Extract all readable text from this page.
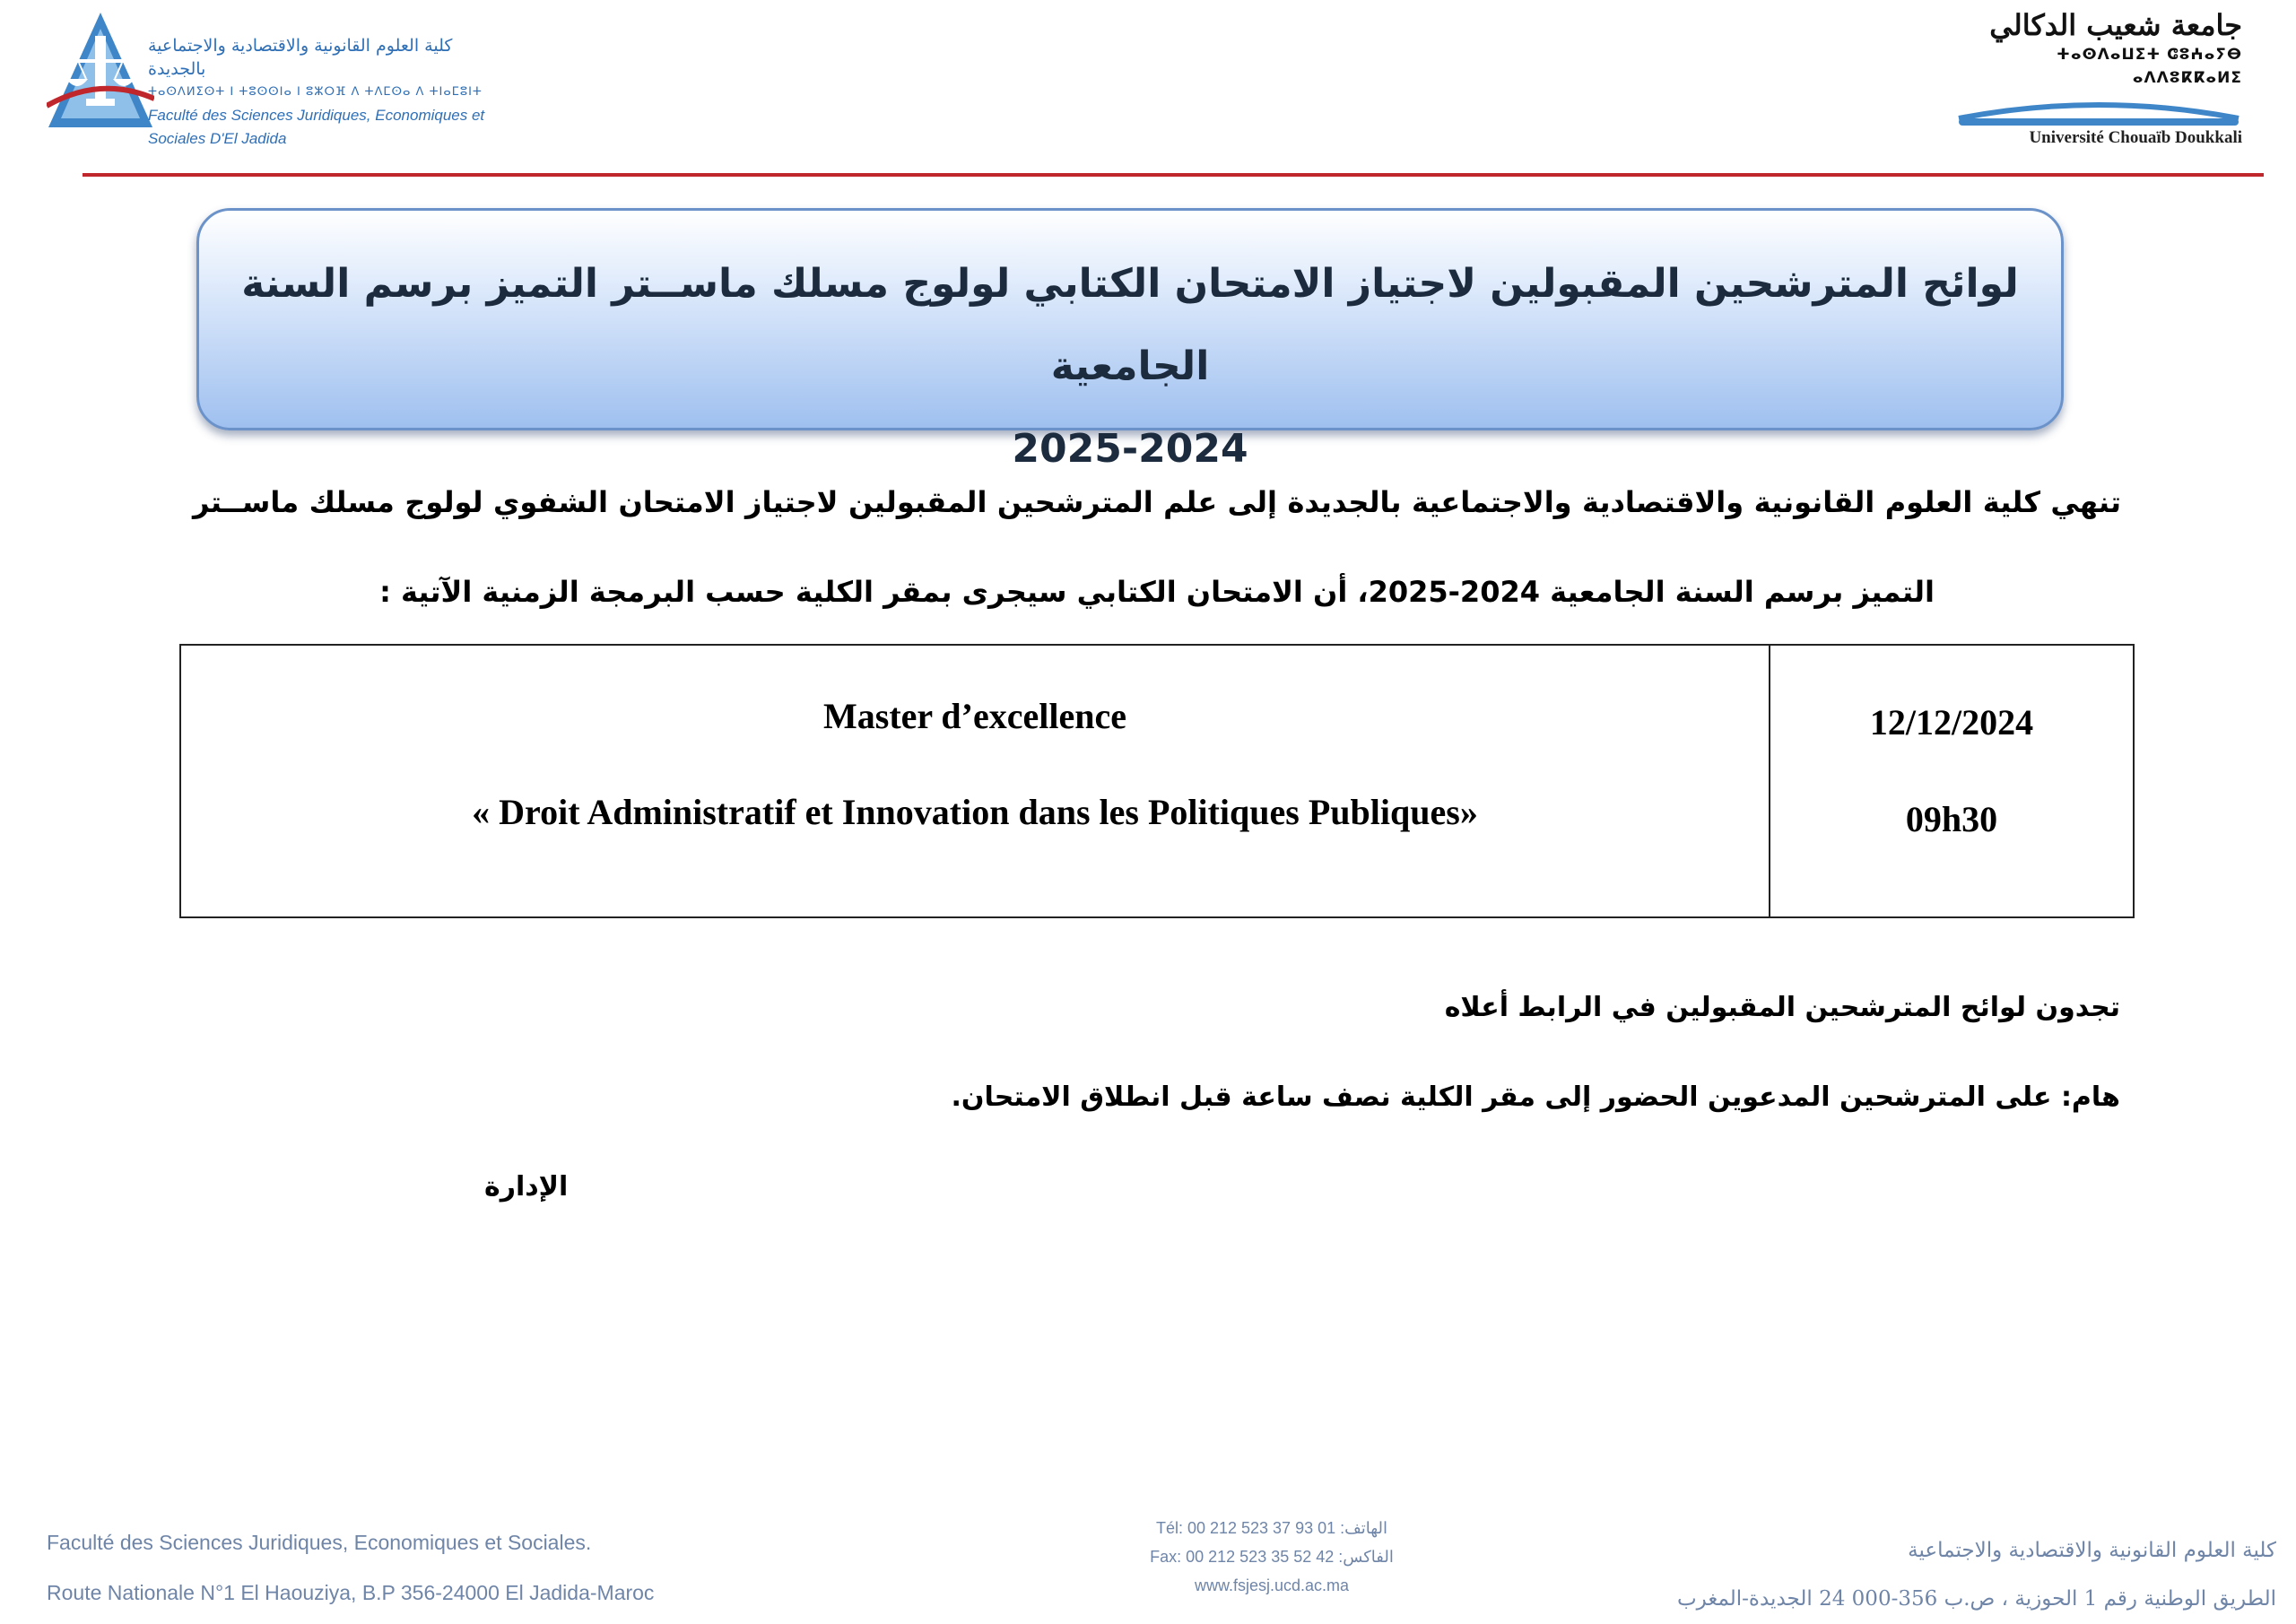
كلية العلوم القانونية والاقتصادية والاجتماعية بالجديدة
ⵜⴰⵙⴷⵍⵉⵙⵜ ⵏ ⵜⵓⵙⵙⵏⴰ ⵏ ⵓⵣⵔⴼ ⴷ ⵜⴷⵎⵙⴰ ⴷ ⵜⵏⴰⵎⵓⵏⵜ
Faculté des Sciences Juridiques, Economiques et Sociales D'El Jadida
جامعة شعيب الدكالي
ⵜⴰⵙⴷⴰⵡⵉⵜ ⵛⵓⵄⴰⵢⴱ ⴰⴷⴷⵓⴽⴽⴰⵍⵉ
Université Chouaïb Doukkali
لوائح المترشحين المقبولين لاجتياز الامتحان الكتابي لولوج مسلك ماســتر التميز برسم السنة الجامعية
2025-2024
تنهي كلية العلوم القانونية والاقتصادية والاجتماعية بالجديدة إلى علم المترشحين المقبولين لاجتياز الامتحان الشفوي لولوج مسلك ماســتر التميز برسم السنة الجامعية 2024-2025، أن الامتحان الكتابي سيجرى بمقر الكلية حسب البرمجة الزمنية الآتية :
Master d’excellence
« Droit Administratif et Innovation dans les Politiques Publiques»
12/12/2024
09h30
تجدون لوائح المترشحين المقبولين في الرابط أعلاه
هام: على المترشحين المدعوين الحضور إلى مقر الكلية نصف ساعة قبل انطلاق الامتحان.
الإدارة
Faculté des Sciences Juridiques, Economiques et Sociales.
Route Nationale N°1 El Haouziya, B.P 356-24000 El Jadida-Maroc
Tél: 00 212 523 37 93 01 :الهاتف
Fax: 00 212 523 35 52 42 :الفاكس
www.fsjesj.ucd.ac.ma
كلية العلوم القانونية والاقتصادية والاجتماعية
الطريق الوطنية رقم 1 الحوزية ، ص.ب 356-000 24 الجديدة-المغرب
